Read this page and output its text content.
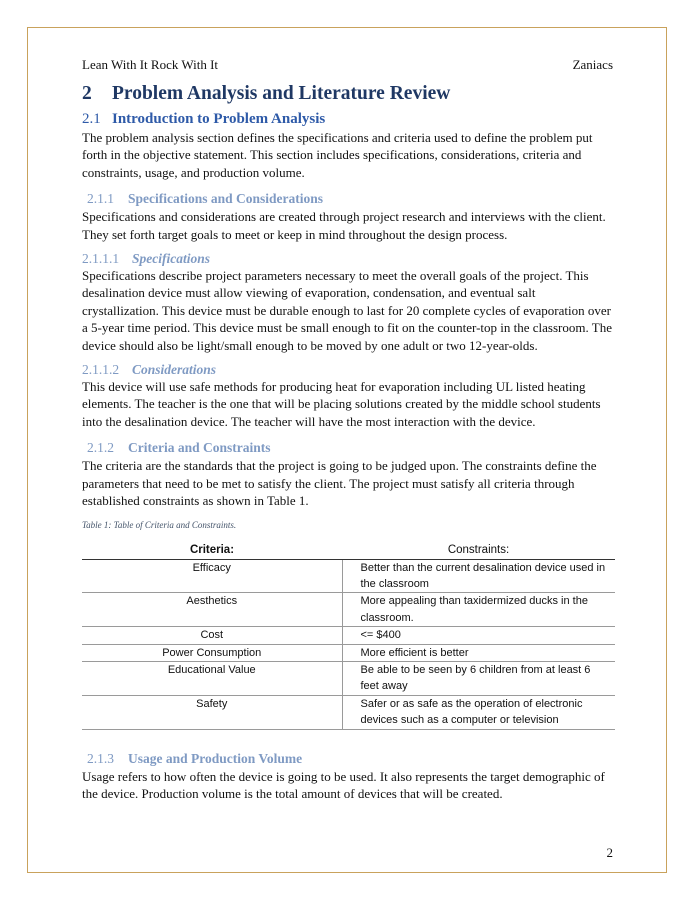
Lean With It Rock With It	Zaniacs
2 Problem Analysis and Literature Review
2.1 Introduction to Problem Analysis

The problem analysis section defines the specifications and criteria used to define the problem put forth in the objective statement. This section includes specifications, considerations, criteria and constraints, usage, and production volume.

2.1.1 Specifications and Considerations

Specifications and considerations are created through project research and interviews with the client. They set forth target goals to meet or keep in mind throughout the design process.

2.1.1.1 Specifications

Specifications describe project parameters necessary to meet the overall goals of the project. This desalination device must allow viewing of evaporation, condensation, and eventual salt crystallization. This device must be durable enough to last for 20 complete cycles of evaporation over a 5-year time period. This device must be small enough to fit on the counter-top in the classroom. The device should also be light/small enough to be moved by one adult or two 12-year-olds.

2.1.1.2 Considerations

This device will use safe methods for producing heat for evaporation including UL listed heating elements. The teacher is the one that will be placing solutions created by the middle school students into the desalination device. The teacher will have the most interaction with the device.

2.1.2 Criteria and Constraints

The criteria are the standards that the project is going to be judged upon. The constraints define the parameters that need to be met to satisfy the client. The project must satisfy all criteria through established constraints as shown in Table 1.

Table 1: Table of Criteria and Constraints.
Criteria:	Constraints:
Efficacy	Better than the current desalination device used in the classroom
Aesthetics	More appealing than taxidermized ducks in the classroom.
Cost	<= $400
Power Consumption	More efficient is better
Educational Value	Be able to be seen by 6 children from at least 6 feet away
Safety	Safer or as safe as the operation of electronic devices such as a computer or television
2.1.3 Usage and Production Volume

Usage refers to how often the device is going to be used. It also represents the target demographic of the device. Production volume is the total amount of devices that will be created.

2
